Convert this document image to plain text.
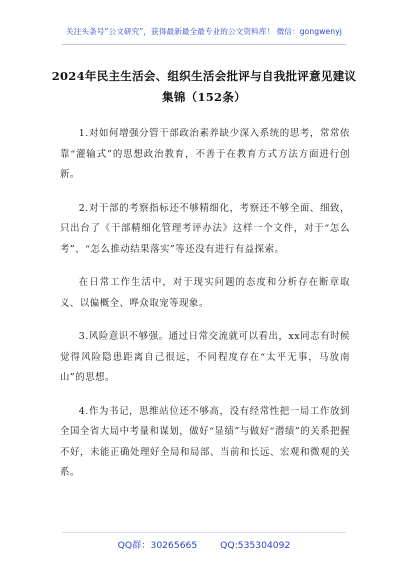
关注头条号“公文研究”，获得最新最全最专业的公文资料库！ 微信：gongwenyj
2024年民主生活会、组织生活会批评与自我批评意见建议
集锦（152条）

1.对如何增强分管干部政治素养缺少深入系统的思考，常常依靠“灌输式”的思想政治教育，不善于在教育方式方法方面进行创新。

2.对干部的考察指标还不够精细化，考察还不够全面、细致，只出台了《干部精细化管理考评办法》这样一个文件，对于“怎么考”、“怎么推动结果落实”等还没有进行有益探索。

在日常工作生活中，对于现实问题的态度和分析存在断章取义、以偏概全、哗众取宠等现象。

3.风险意识不够强。通过日常交流就可以看出，xx同志有时候觉得风险隐患距离自己很远，不同程度存在“太平无事，马放南山”的思想。

4.作为书记，思维站位还不够高，没有经常性把一局工作放到全国全省大局中考量和谋划，做好“显绩”与做好“潜绩”的关系把握不好，未能正确处理好全局和局部、当前和长远、宏观和微观的关系。

QQ群：30265665 QQ:535304092
